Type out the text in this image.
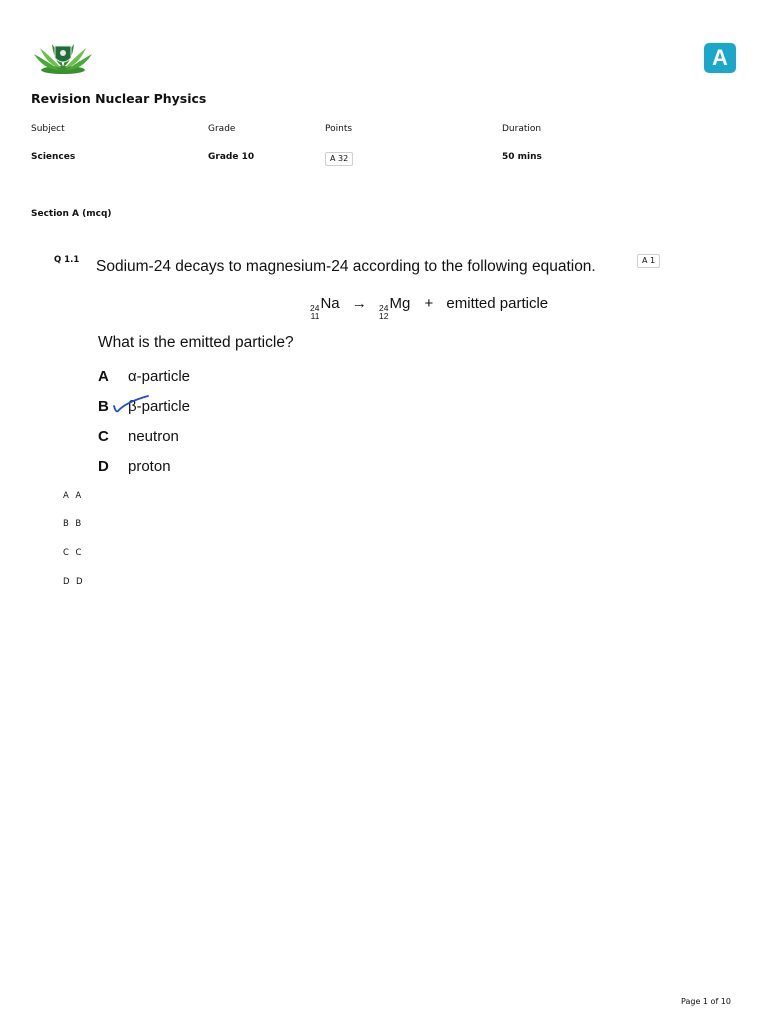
A
Revision Nuclear Physics
Subject	Grade	Points	Duration
Sciences	Grade 10	A 32	50 mins
Section A (mcq)
Q 1.1	A 1
Sodium-24 decays to magnesium-24 according to the following equation.
24
11
Na → 24
12
Mg + emitted particle
What is the emitted particle?
A α-particle
B β-particle
C neutron
D proton
A A
B B
C C
D D
Page 1 of 10
